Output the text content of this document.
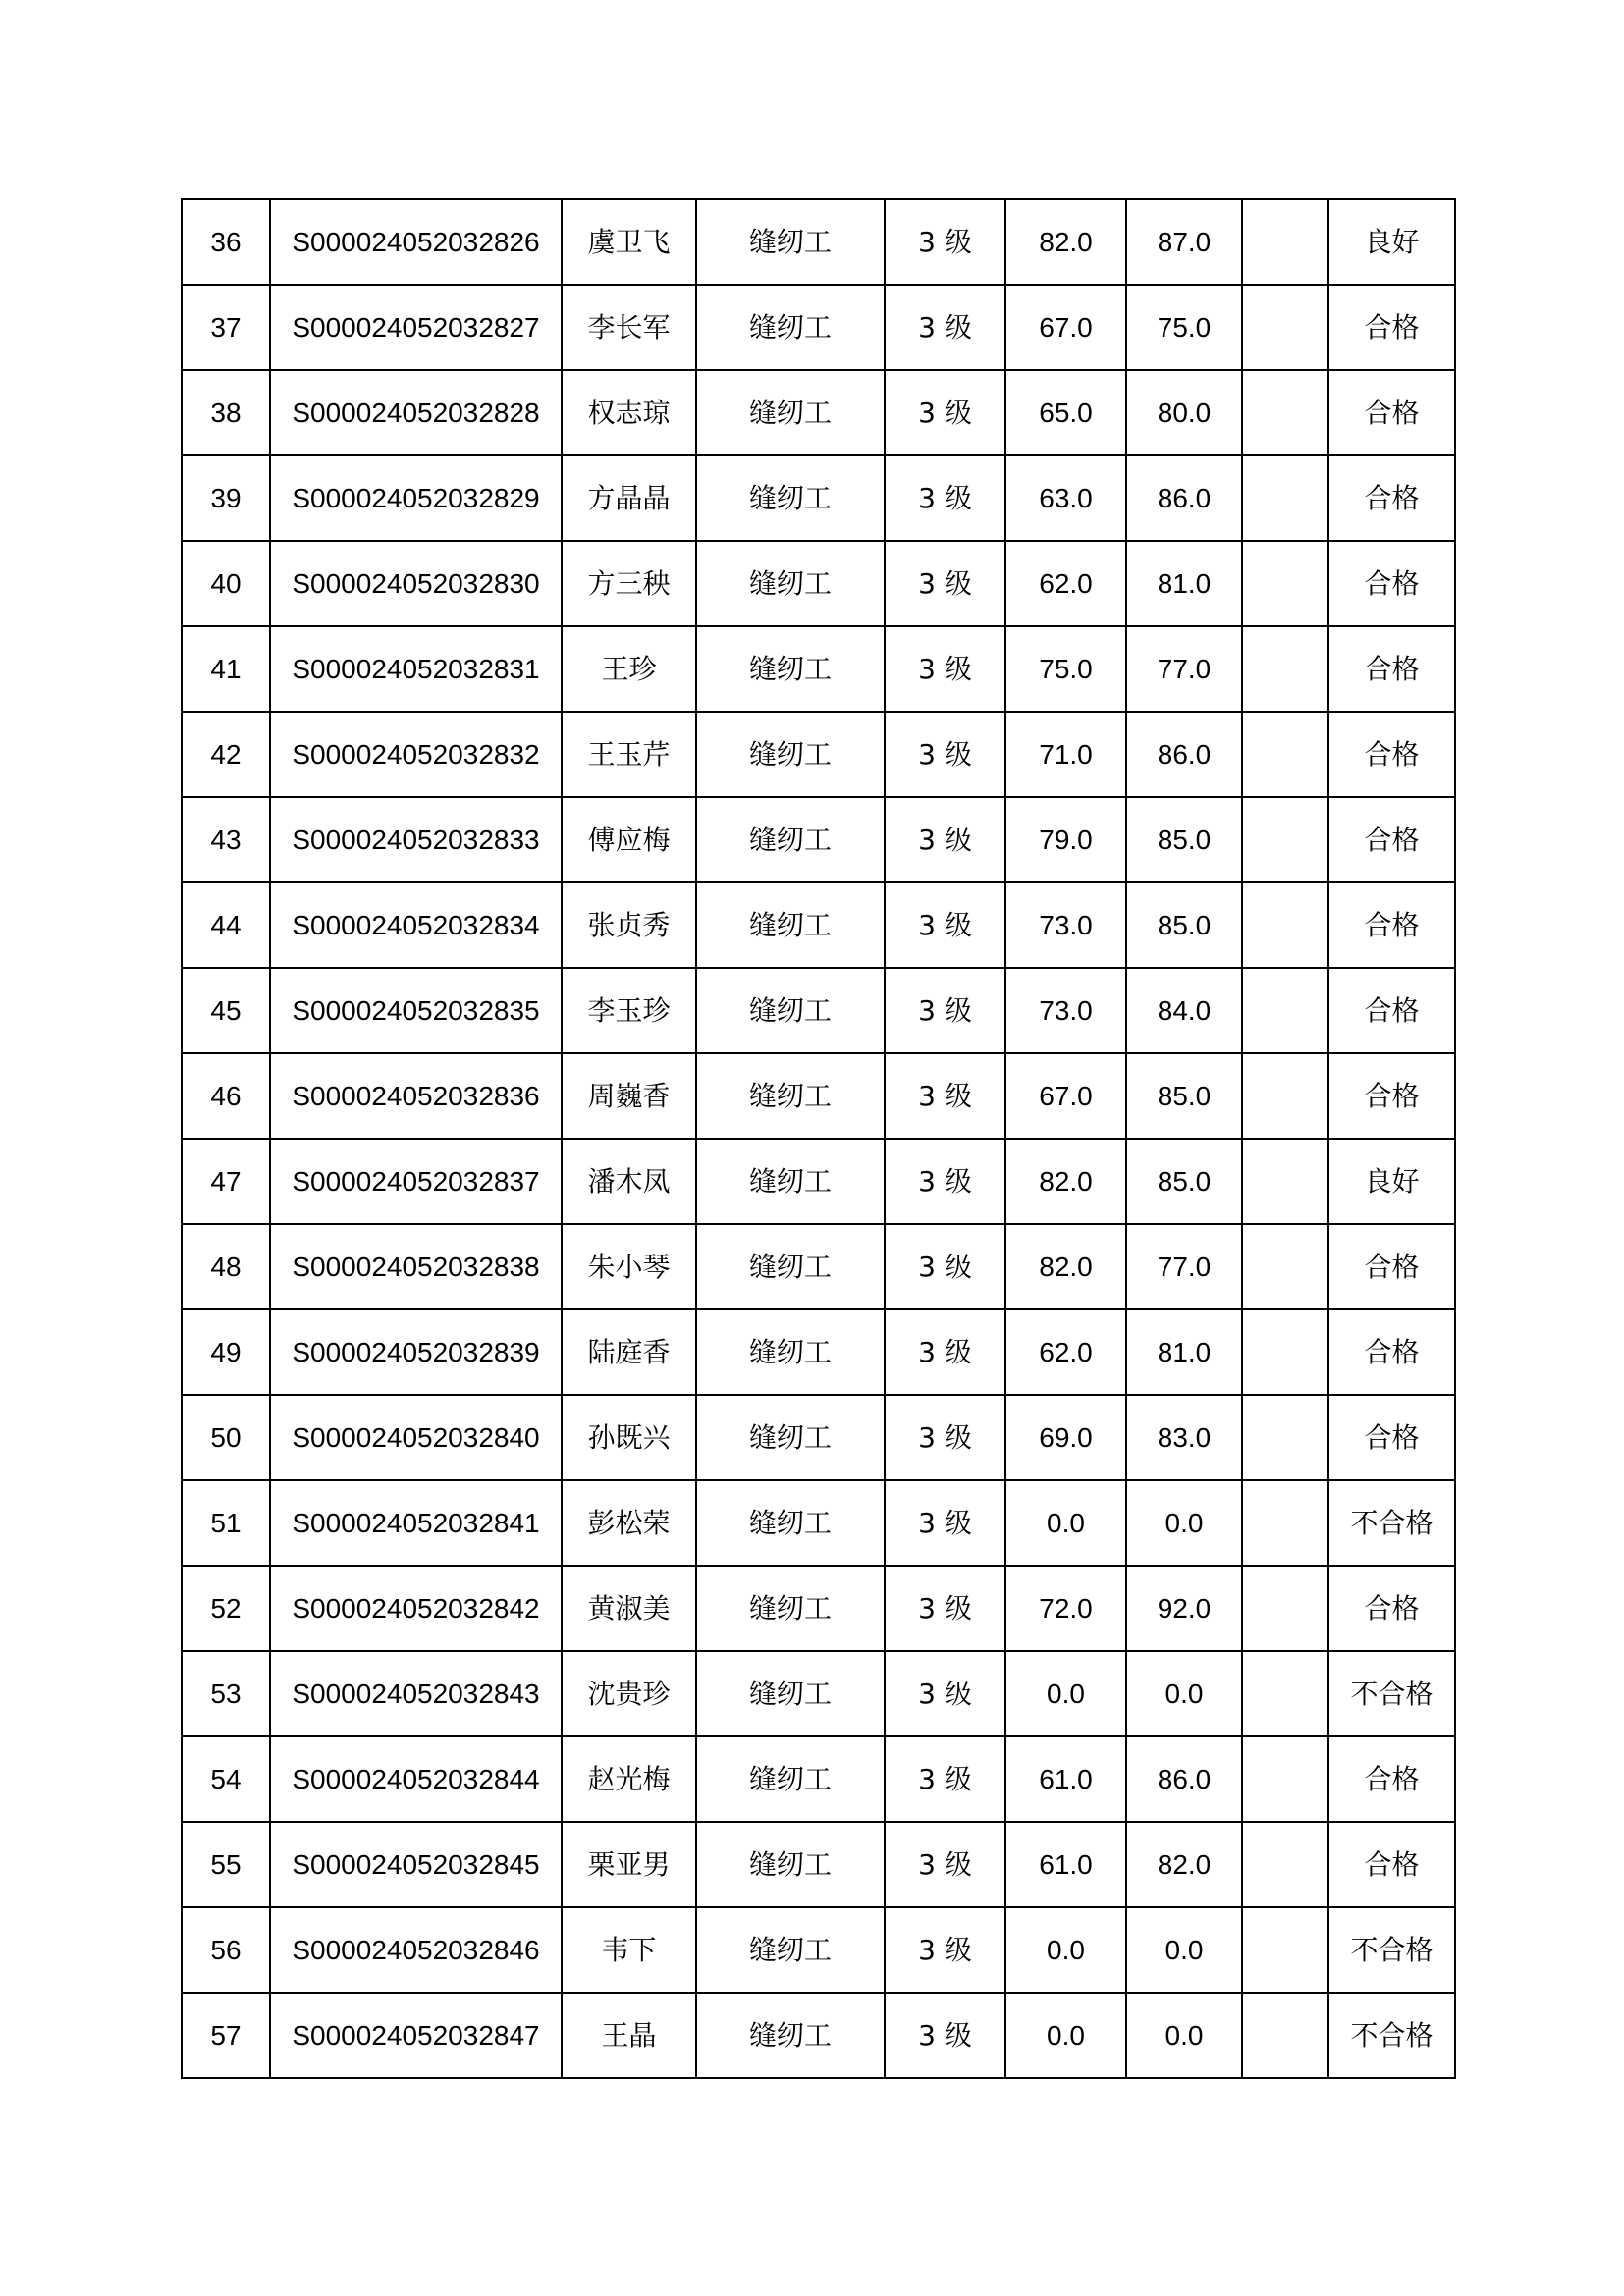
36	S000024052032826	虞卫飞	缝纫工	3 级	82.0	87.0		良好
37	S000024052032827	李长军	缝纫工	3 级	67.0	75.0		合格
38	S000024052032828	权志琼	缝纫工	3 级	65.0	80.0		合格
39	S000024052032829	方晶晶	缝纫工	3 级	63.0	86.0		合格
40	S000024052032830	方三秧	缝纫工	3 级	62.0	81.0		合格
41	S000024052032831	王珍	缝纫工	3 级	75.0	77.0		合格
42	S000024052032832	王玉芹	缝纫工	3 级	71.0	86.0		合格
43	S000024052032833	傅应梅	缝纫工	3 级	79.0	85.0		合格
44	S000024052032834	张贞秀	缝纫工	3 级	73.0	85.0		合格
45	S000024052032835	李玉珍	缝纫工	3 级	73.0	84.0		合格
46	S000024052032836	周巍香	缝纫工	3 级	67.0	85.0		合格
47	S000024052032837	潘木凤	缝纫工	3 级	82.0	85.0		良好
48	S000024052032838	朱小琴	缝纫工	3 级	82.0	77.0		合格
49	S000024052032839	陆庭香	缝纫工	3 级	62.0	81.0		合格
50	S000024052032840	孙既兴	缝纫工	3 级	69.0	83.0		合格
51	S000024052032841	彭松荣	缝纫工	3 级	0.0	0.0		不合格
52	S000024052032842	黄淑美	缝纫工	3 级	72.0	92.0		合格
53	S000024052032843	沈贵珍	缝纫工	3 级	0.0	0.0		不合格
54	S000024052032844	赵光梅	缝纫工	3 级	61.0	86.0		合格
55	S000024052032845	栗亚男	缝纫工	3 级	61.0	82.0		合格
56	S000024052032846	韦下	缝纫工	3 级	0.0	0.0		不合格
57	S000024052032847	王晶	缝纫工	3 级	0.0	0.0		不合格
